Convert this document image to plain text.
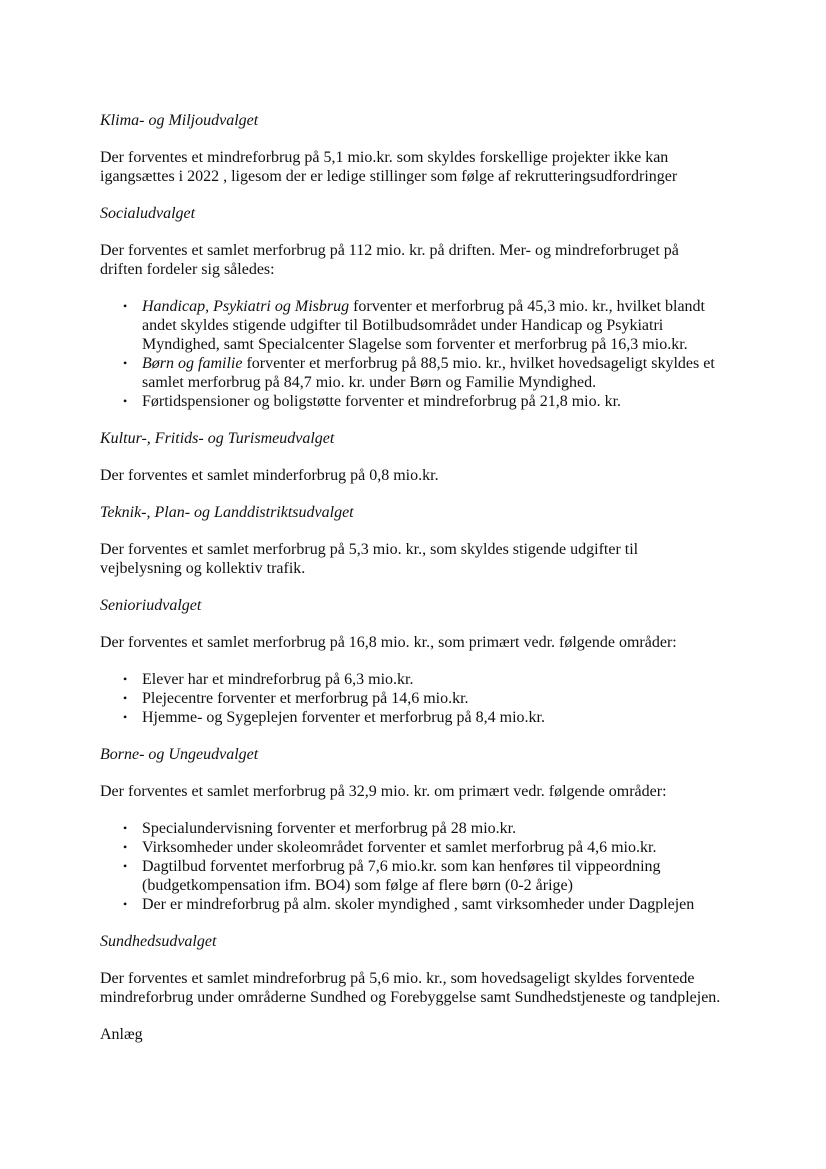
Klima- og Miljoudvalget

Der forventes et mindreforbrug på 5,1 mio.kr. som skyldes forskellige projekter ikke kan igangsættes i 2022 , ligesom der er ledige stillinger som følge af rekrutteringsudfordringer

Socialudvalget

Der forventes et samlet merforbrug på 112 mio. kr. på driften. Mer- og mindreforbruget på driften fordeler sig således:

• Handicap, Psykiatri og Misbrug forventer et merforbrug på 45,3 mio. kr., hvilket blandt andet skyldes stigende udgifter til Botilbudsområdet under Handicap og Psykiatri Myndighed, samt Specialcenter Slagelse som forventer et merforbrug på 16,3 mio.kr.
• Børn og familie forventer et merforbrug på 88,5 mio. kr., hvilket hovedsageligt skyldes et samlet merforbrug på 84,7 mio. kr. under Børn og Familie Myndighed.
• Førtidspensioner og boligstøtte forventer et mindreforbrug på 21,8 mio. kr.

Kultur-, Fritids- og Turismeudvalget

Der forventes et samlet minderforbrug på 0,8 mio.kr.

Teknik-, Plan- og Landdistriktsudvalget

Der forventes et samlet merforbrug på 5,3 mio. kr., som skyldes stigende udgifter til vejbelysning og kollektiv trafik.

Senioriudvalget

Der forventes et samlet merforbrug på 16,8 mio. kr., som primært vedr. følgende områder:

• Elever har et mindreforbrug på 6,3 mio.kr.
• Plejecentre forventer et merforbrug på 14,6 mio.kr.
• Hjemme- og Sygeplejen forventer et merforbrug på 8,4 mio.kr.

Borne- og Ungeudvalget

Der forventes et samlet merforbrug på 32,9 mio. kr. om primært vedr. følgende områder:

• Specialundervisning forventer et merforbrug på 28 mio.kr.
• Virksomheder under skoleområdet forventer et samlet merforbrug på 4,6 mio.kr.
• Dagtilbud forventet merforbrug på 7,6 mio.kr. som kan henføres til vippeordning (budgetkompensation ifm. BO4) som følge af flere børn (0-2 årige)
• Der er mindreforbrug på alm. skoler myndighed , samt virksomheder under Dagplejen

Sundhedsudvalget

Der forventes et samlet mindreforbrug på 5,6 mio. kr., som hovedsageligt skyldes forventede mindreforbrug under områderne Sundhed og Forebyggelse samt Sundhedstjeneste og tandplejen.

Anlæg
